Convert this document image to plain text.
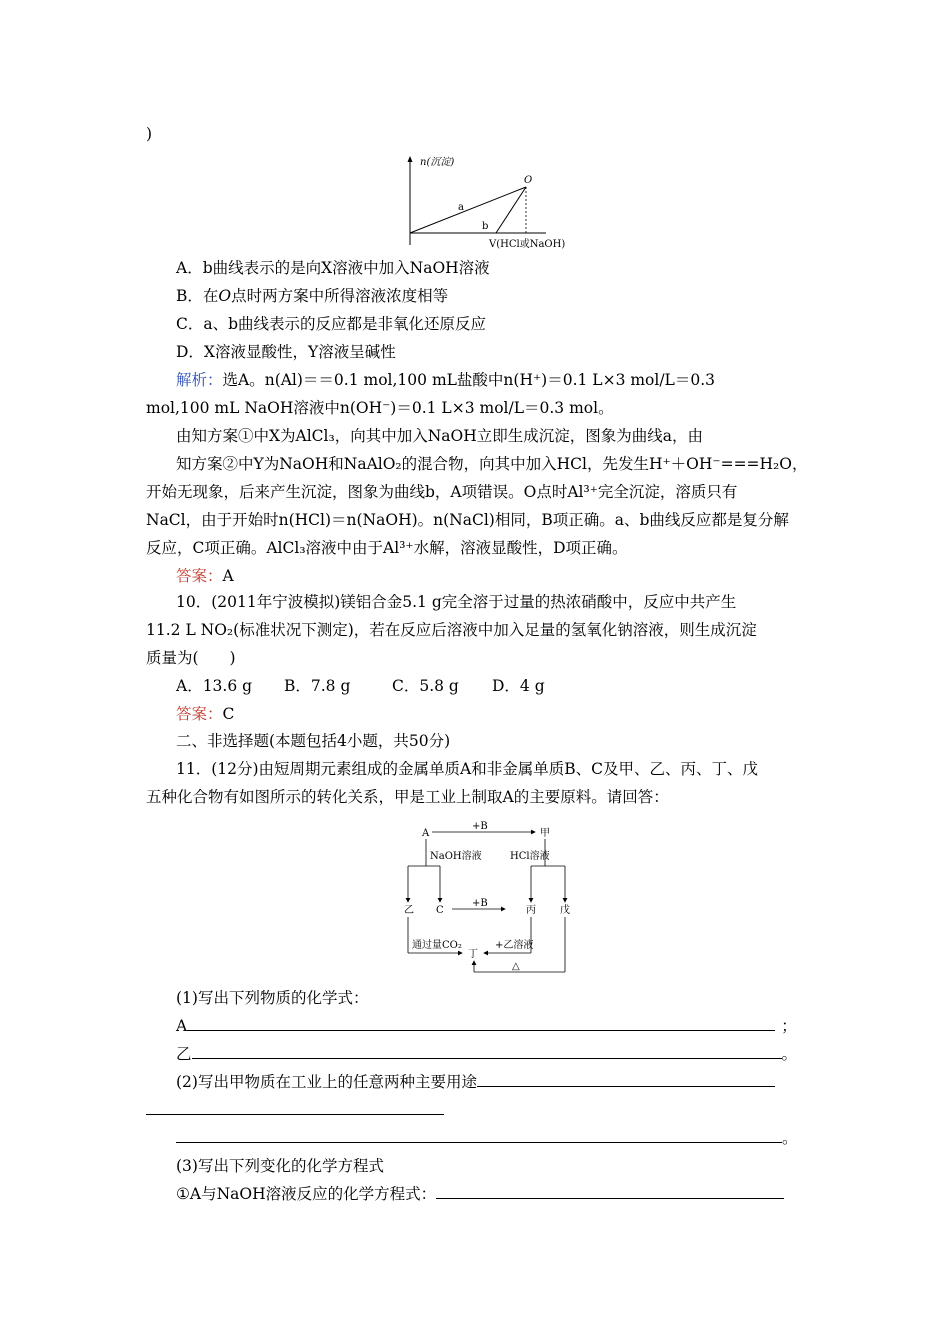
)
n(沉淀)
O
a
b
V(HCl或NaOH)
A．b曲线表示的是向X溶液中加入NaOH溶液
B．在O点时两方案中所得溶液浓度相等
C．a、b曲线表示的反应都是非氧化还原反应
D．X溶液显酸性，Y溶液呈碱性
解析：选A。n(Al)＝＝0.1 mol,100 mL盐酸中n(H⁺)＝0.1 L×3 mol/L＝0.3
mol,100 mL NaOH溶液中n(OH⁻)＝0.1 L×3 mol/L＝0.3 mol。
由知方案①中X为AlCl₃，向其中加入NaOH立即生成沉淀，图象为曲线a，由
知方案②中Y为NaOH和NaAlO₂的混合物，向其中加入HCl，先发生H⁺＋OH⁻===H₂O，
开始无现象，后来产生沉淀，图象为曲线b，A项错误。O点时Al³⁺完全沉淀，溶质只有
NaCl，由于开始时n(HCl)＝n(NaOH)。n(NaCl)相同，B项正确。a、b曲线反应都是复分解
反应，C项正确。AlCl₃溶液中由于Al³⁺水解，溶液显酸性，D项正确。
答案：A
10．(2011年宁波模拟)镁铝合金5.1 g完全溶于过量的热浓硝酸中，反应中共产生
11.2 L NO₂(标准状况下测定)，若在反应后溶液中加入足量的氢氧化钠溶液，则生成沉淀
质量为(　　)
A．13.6 g B．7.8 g	C．5.8 g D．4 g
答案：C
二、非选择题(本题包括4小题，共50分)
11．(12分)由短周期元素组成的金属单质A和非金属单质B、C及甲、乙、丙、丁、戊
五种化合物有如图所示的转化关系，甲是工业上制取A的主要原料。请回答：
A
+B
甲
NaOH溶液	HCl溶液
乙 C
+B
丙 戊
通过量CO₂
丁
+乙溶液
△
(1)写出下列物质的化学式：
A	；
乙	。
(2)写出甲物质在工业上的任意两种主要用途
。
(3)写出下列变化的化学方程式
①A与NaOH溶液反应的化学方程式：
